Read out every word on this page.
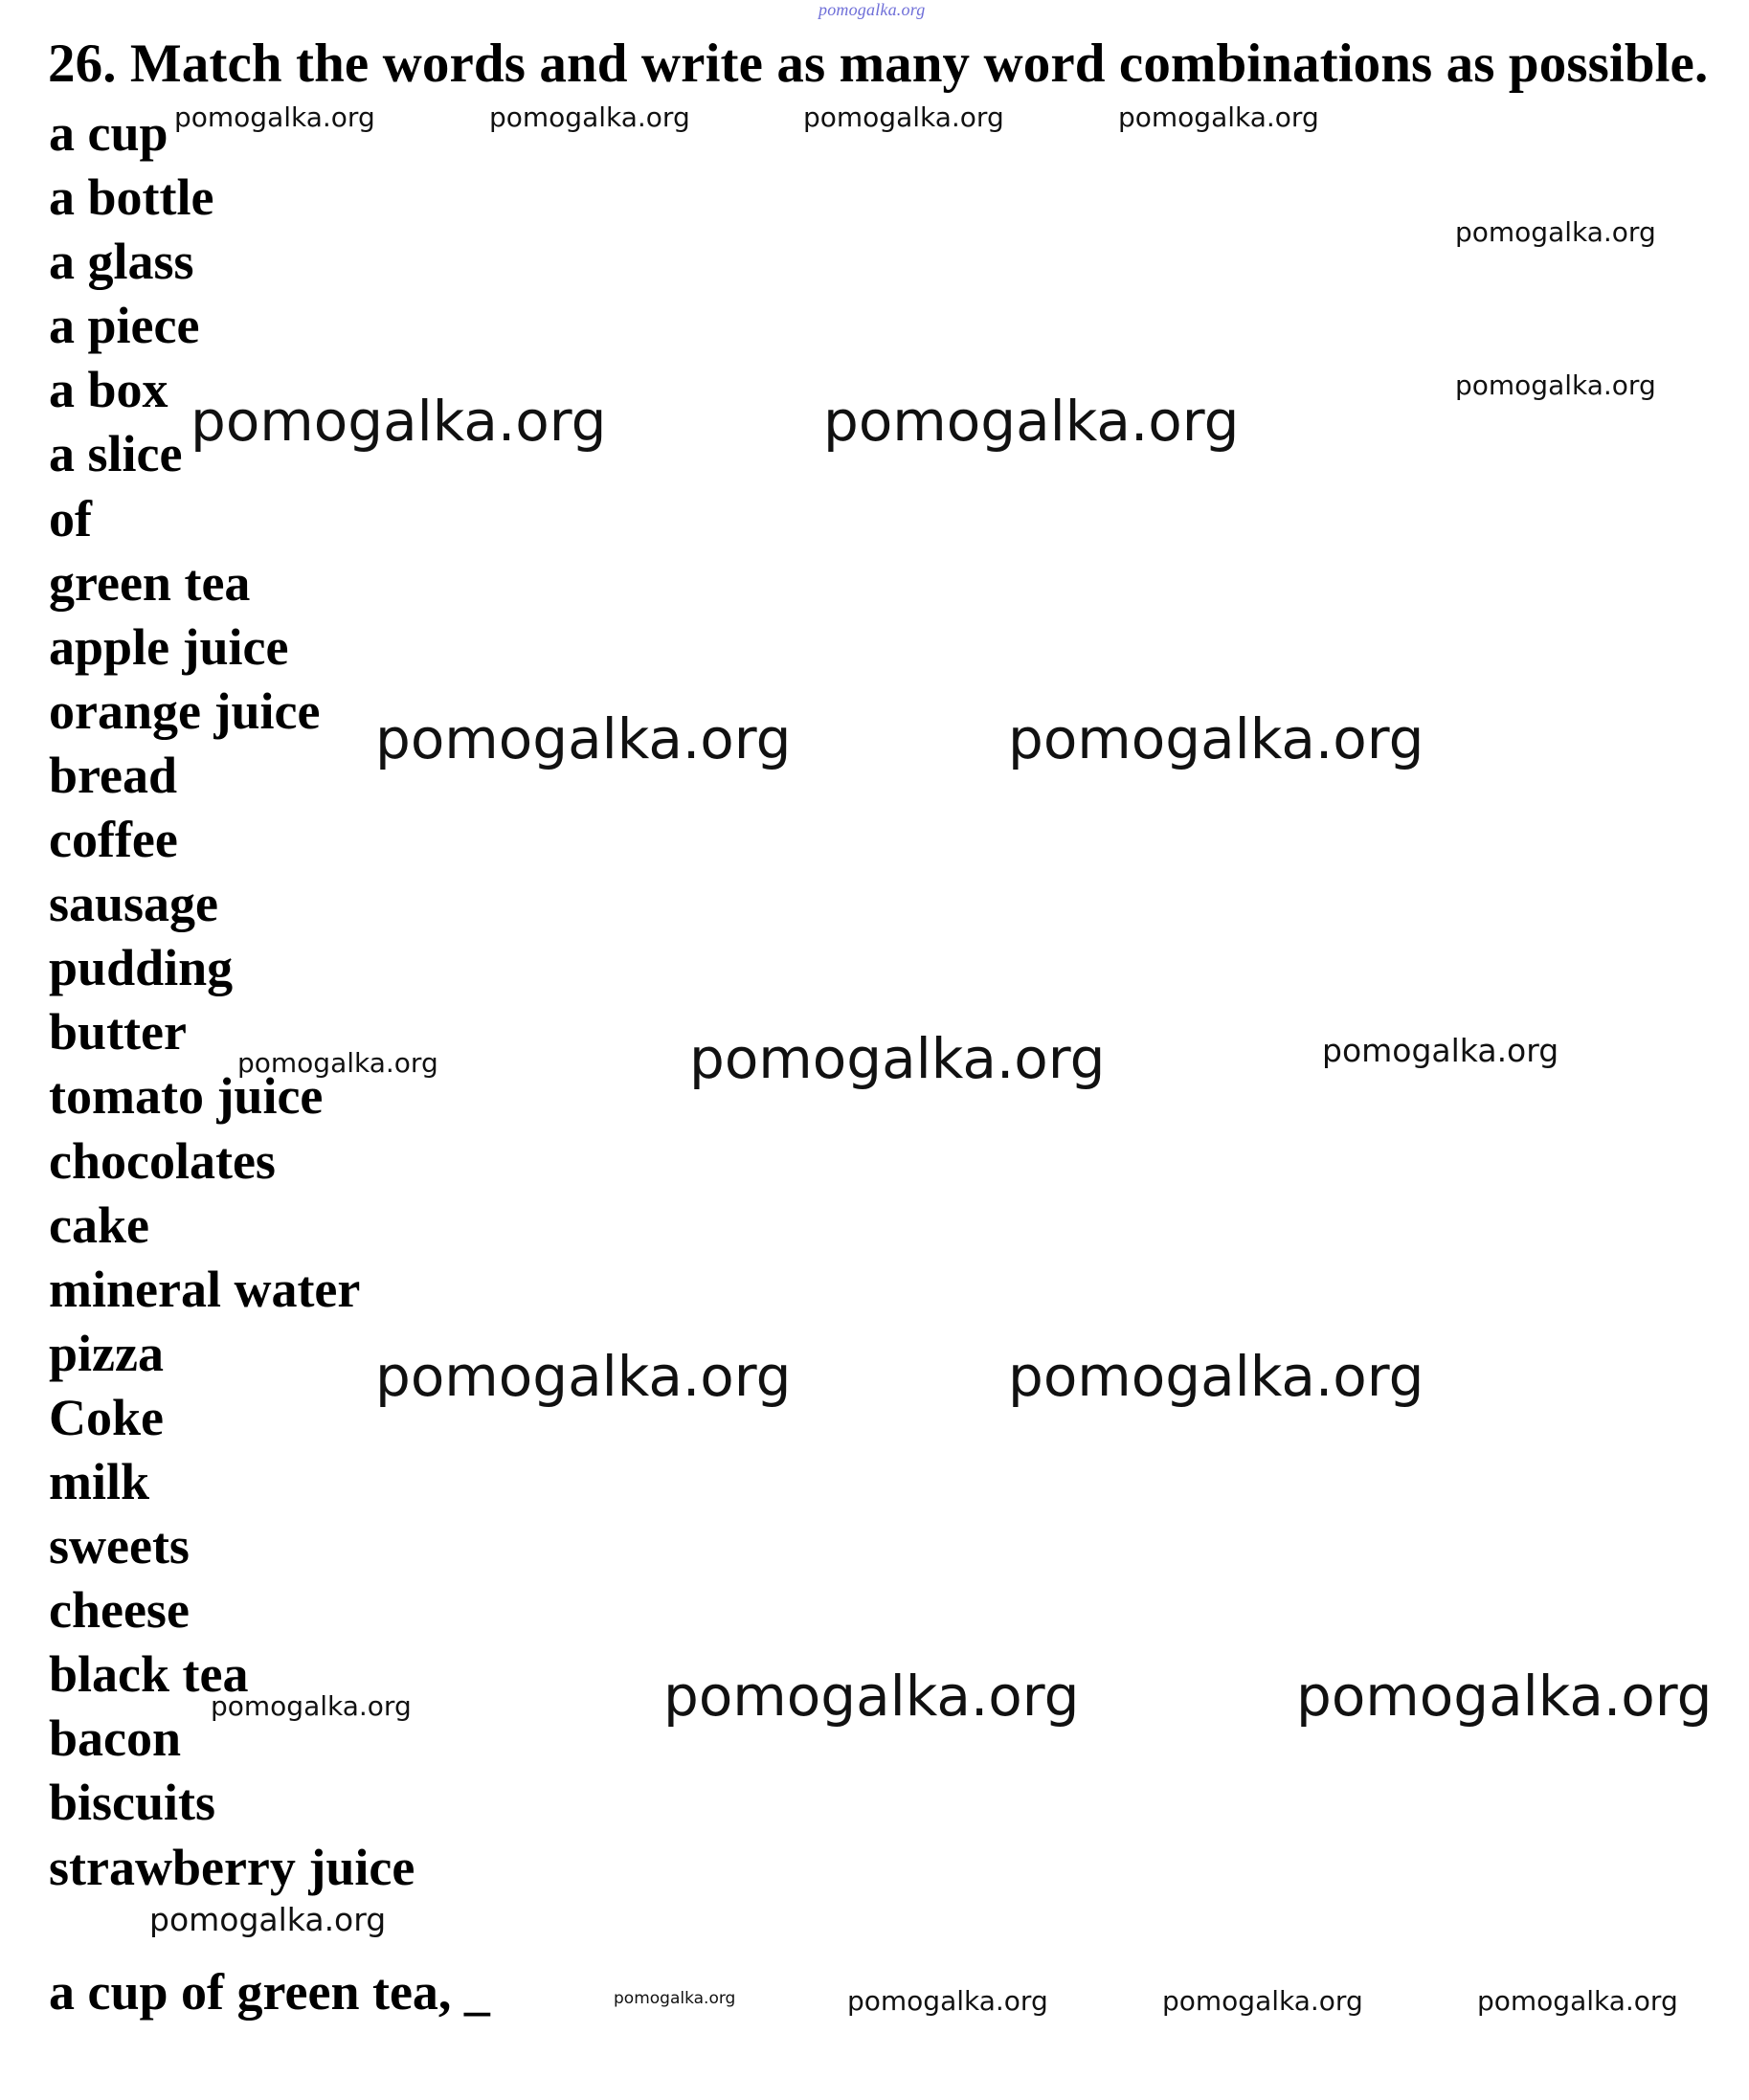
pomogalka.org
26. Match the words and write as many word combinations as possible.
a cup
a bottle
a glass
a piece
a box
a slice
of
green tea
apple juice
orange juice
bread
coffee
sausage
pudding
butter
tomato juice
chocolates
cake
mineral water
pizza
Coke
milk
sweets
cheese
black tea
bacon
biscuits
strawberry juice
a cup of green tea, _
pomogalka.org	pomogalka.org	pomogalka.org	pomogalka.org
pomogalka.org
pomogalka.org
pomogalka.org	pomogalka.org
pomogalka.org	pomogalka.org
pomogalka.org	pomogalka.org	pomogalka.org
pomogalka.org	pomogalka.org
pomogalka.org	pomogalka.org	pomogalka.org
pomogalka.org
pomogalka.org	pomogalka.org	pomogalka.org	pomogalka.org
